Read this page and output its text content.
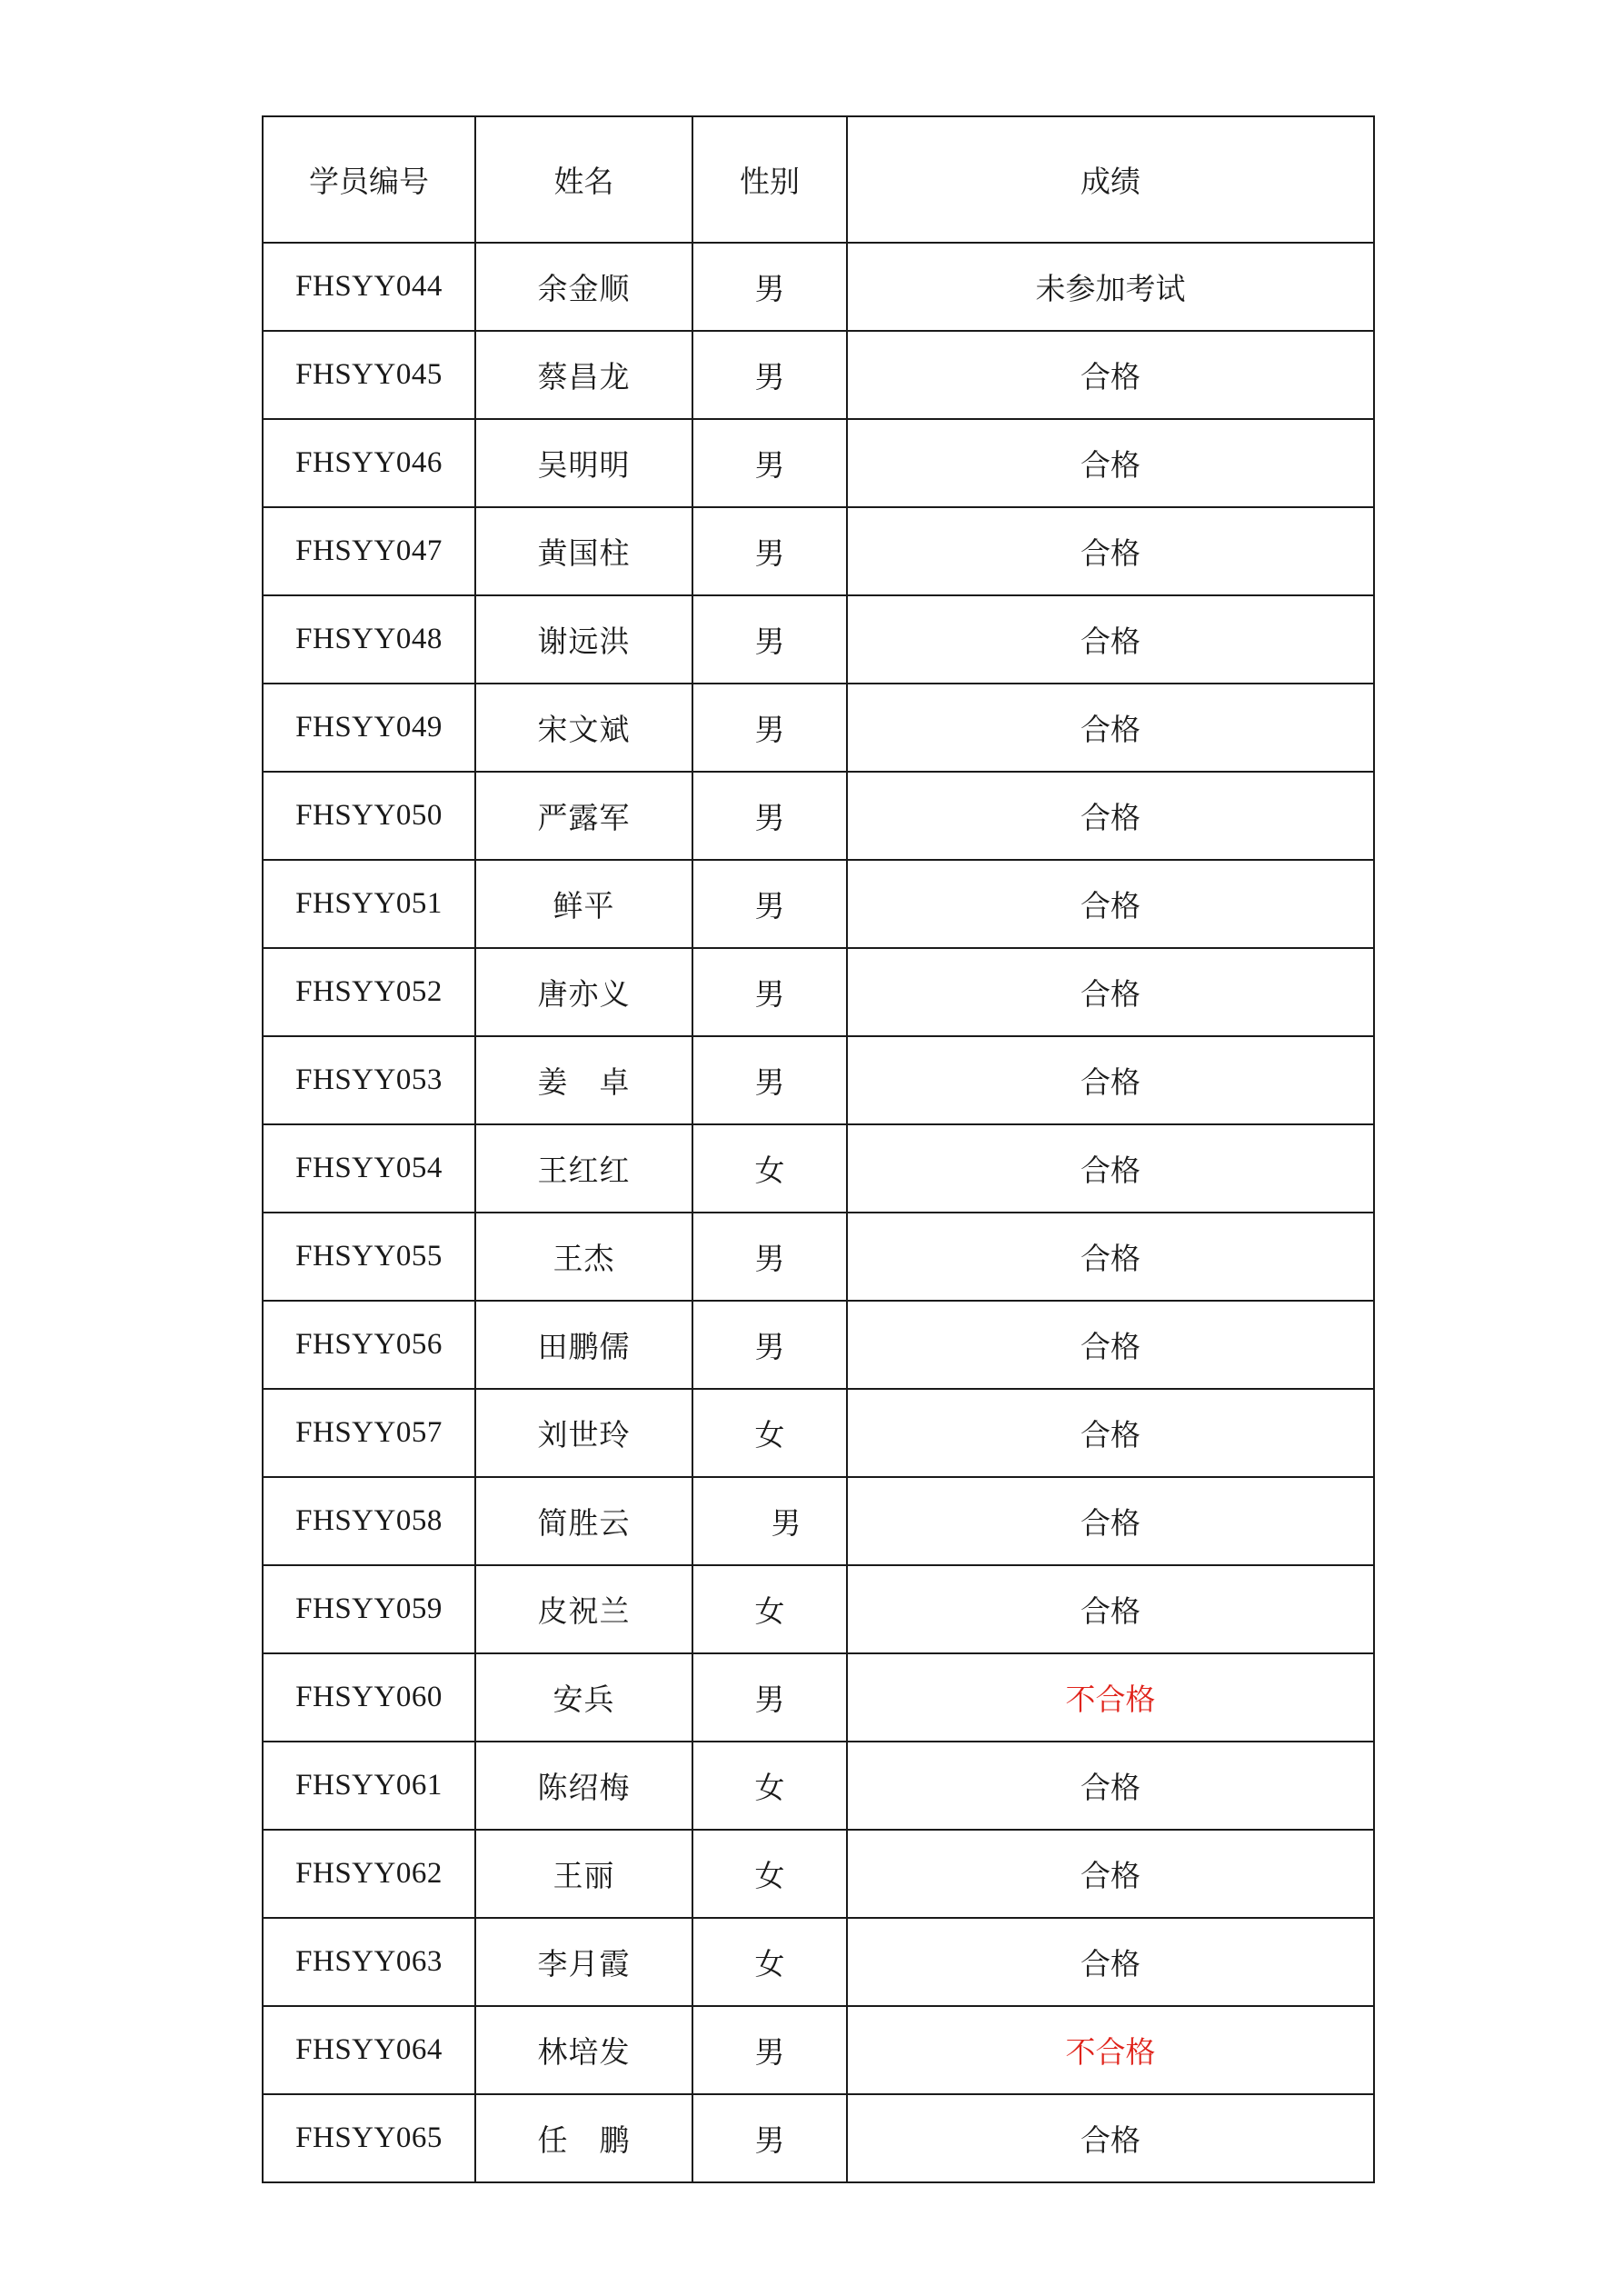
学员编号	姓名	性别	成绩
FHSYY044	余金顺	男	未参加考试
FHSYY045	蔡昌龙	男	合格
FHSYY046	吴明明	男	合格
FHSYY047	黄国柱	男	合格
FHSYY048	谢远洪	男	合格
FHSYY049	宋文斌	男	合格
FHSYY050	严露军	男	合格
FHSYY051	鲜平	男	合格
FHSYY052	唐亦义	男	合格
FHSYY053	姜　卓	男	合格
FHSYY054	王红红	女	合格
FHSYY055	王杰	男	合格
FHSYY056	田鹏儒	男	合格
FHSYY057	刘世玲	女	合格
FHSYY058	简胜云	男	合格
FHSYY059	皮祝兰	女	合格
FHSYY060	安兵	男	不合格
FHSYY061	陈绍梅	女	合格
FHSYY062	王丽	女	合格
FHSYY063	李月霞	女	合格
FHSYY064	林培发	男	不合格
FHSYY065	任　鹏	男	合格
